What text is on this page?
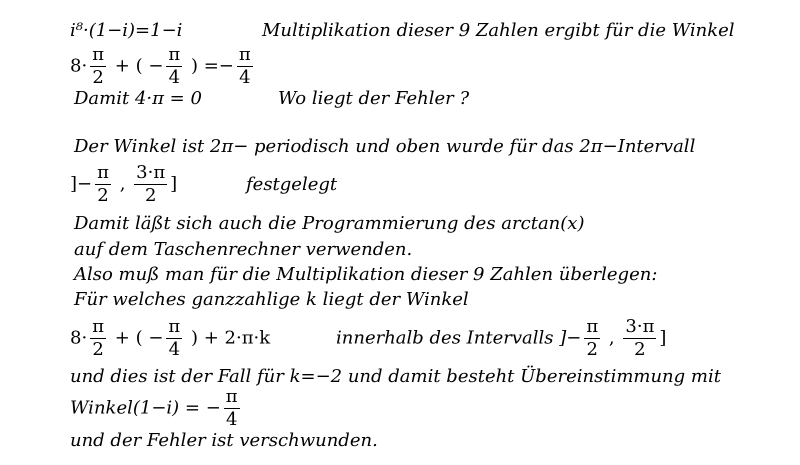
i⁸·(1−i)=1−i	Multiplikation dieser 9 Zahlen ergibt für die Winkel
$8\cdot \frac{\pi}{2}$ + ( − $\frac{\pi}{4}$ ) =− $\frac{\pi}{4}$
Damit 4·π = 0	Wo liegt der Fehler ?
Der Winkel ist 2π− periodisch und oben wurde für das 2π−Intervall
]− $\frac{\pi}{2}$ , $\frac{3\cdot\pi}{2}$ ]	festgelegt
Damit läßt sich auch die Programmierung des arctan(x)
auf dem Taschenrechner verwenden.
Also muß man für die Multiplikation dieser 9 Zahlen überlegen:
Für welches ganzzahlige k liegt der Winkel
$8\cdot \frac{\pi}{2}$ + ( − $\frac{\pi}{4}$ ) + 2·π·k	innerhalb des Intervalls ]− $\frac{\pi}{2}$ , $\frac{3\cdot\pi}{2}$ ]
und dies ist der Fall für k=−2 und damit besteht Übereinstimmung mit
Winkel(1−i) = − $\frac{\pi}{4}$
und der Fehler ist verschwunden.
